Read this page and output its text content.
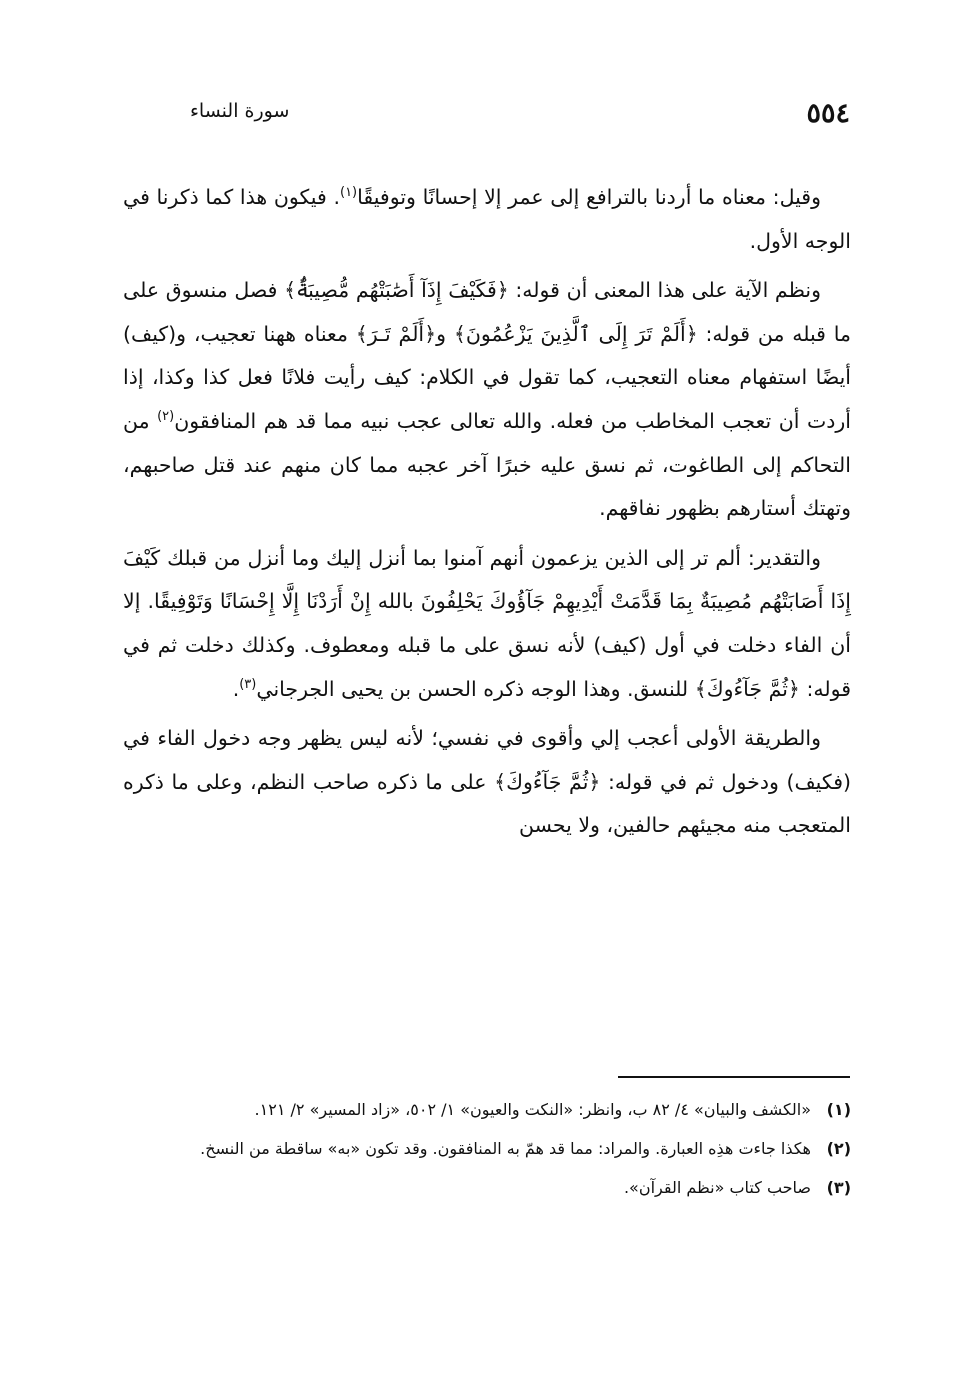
٥٥٤
سورة النساء

وقيل: معناه ما أردنا بالترافع إلى عمر إلا إحسانًا وتوفيقًا$^{(١)}$. فيكون هذا كما ذكرنا في الوجه الأول.

ونظم الآية على هذا المعنى أن قوله: ﴿فَكَيْفَ إِذَآ أَصَٰبَتْهُم مُّصِيبَةٌۢ﴾ فصل منسوق على ما قبله من قوله: ﴿أَلَمْ تَرَ إِلَى ٱلَّذِينَ يَزْعُمُونَ﴾ و﴿أَلَمْ تَـرَ﴾ معناه ههنا تعجيب، و(كيف) أيضًا استفهام معناه التعجيب، كما تقول في الكلام: كيف رأيت فلانًا فعل كذا وكذا، إذا أردت أن تعجب المخاطب من فعله. والله تعالى عجب نبيه مما قد هم المنافقون$^{(٢)}$ من التحاكم إلى الطاغوت، ثم نسق عليه خبرًا آخر عجبه مما كان منهم عند قتل صاحبهم، وتهتك أستارهم بظهور نفاقهم.

والتقدير: ألم تر إلى الذين يزعمون أنهم آمنوا بما أنزل إليك وما أنزل من قبلك كَيْفَ إِذَا أَصَابَتْهُم مُصِيبَةٌ بِمَا قَدَّمَتْ أَيْدِيهِمْ جَآؤُوكَ يَحْلِفُونَ بالله إِنْ أَرَدْنَا إِلَّا إِحْسَانًا وَتَوْفِيقًا. إلا أن الفاء دخلت في أول (كيف) لأنه نسق على ما قبله ومعطوف. وكذلك دخلت ثم في قوله: ﴿ثُمَّ جَآءُوكَ﴾ للنسق. وهذا الوجه ذكره الحسن بن يحيى الجرجاني$^{(٣)}$.

والطريقة الأولى أعجب إلي وأقوى في نفسي؛ لأنه ليس يظهر وجه دخول الفاء في (فكيف) ودخول ثم في قوله: ﴿ثُمَّ جَآءُوكَ﴾ على ما ذكره صاحب النظم، وعلى ما ذكره المتعجب منه مجيئهم حالفين، ولا يحسن

(١)
«الكشف والبيان» ٤/ ٨٢ ب، وانظر: «النكت والعيون» ١/ ٥٠٢، «زاد المسير» ٢/ ١٢١.
(٢)
هكذا جاءت هذِه العبارة. والمراد: مما قد همّ به المنافقون. وقد تكون «به» ساقطة من النسخ.
(٣)
صاحب كتاب «نظم القرآن».
